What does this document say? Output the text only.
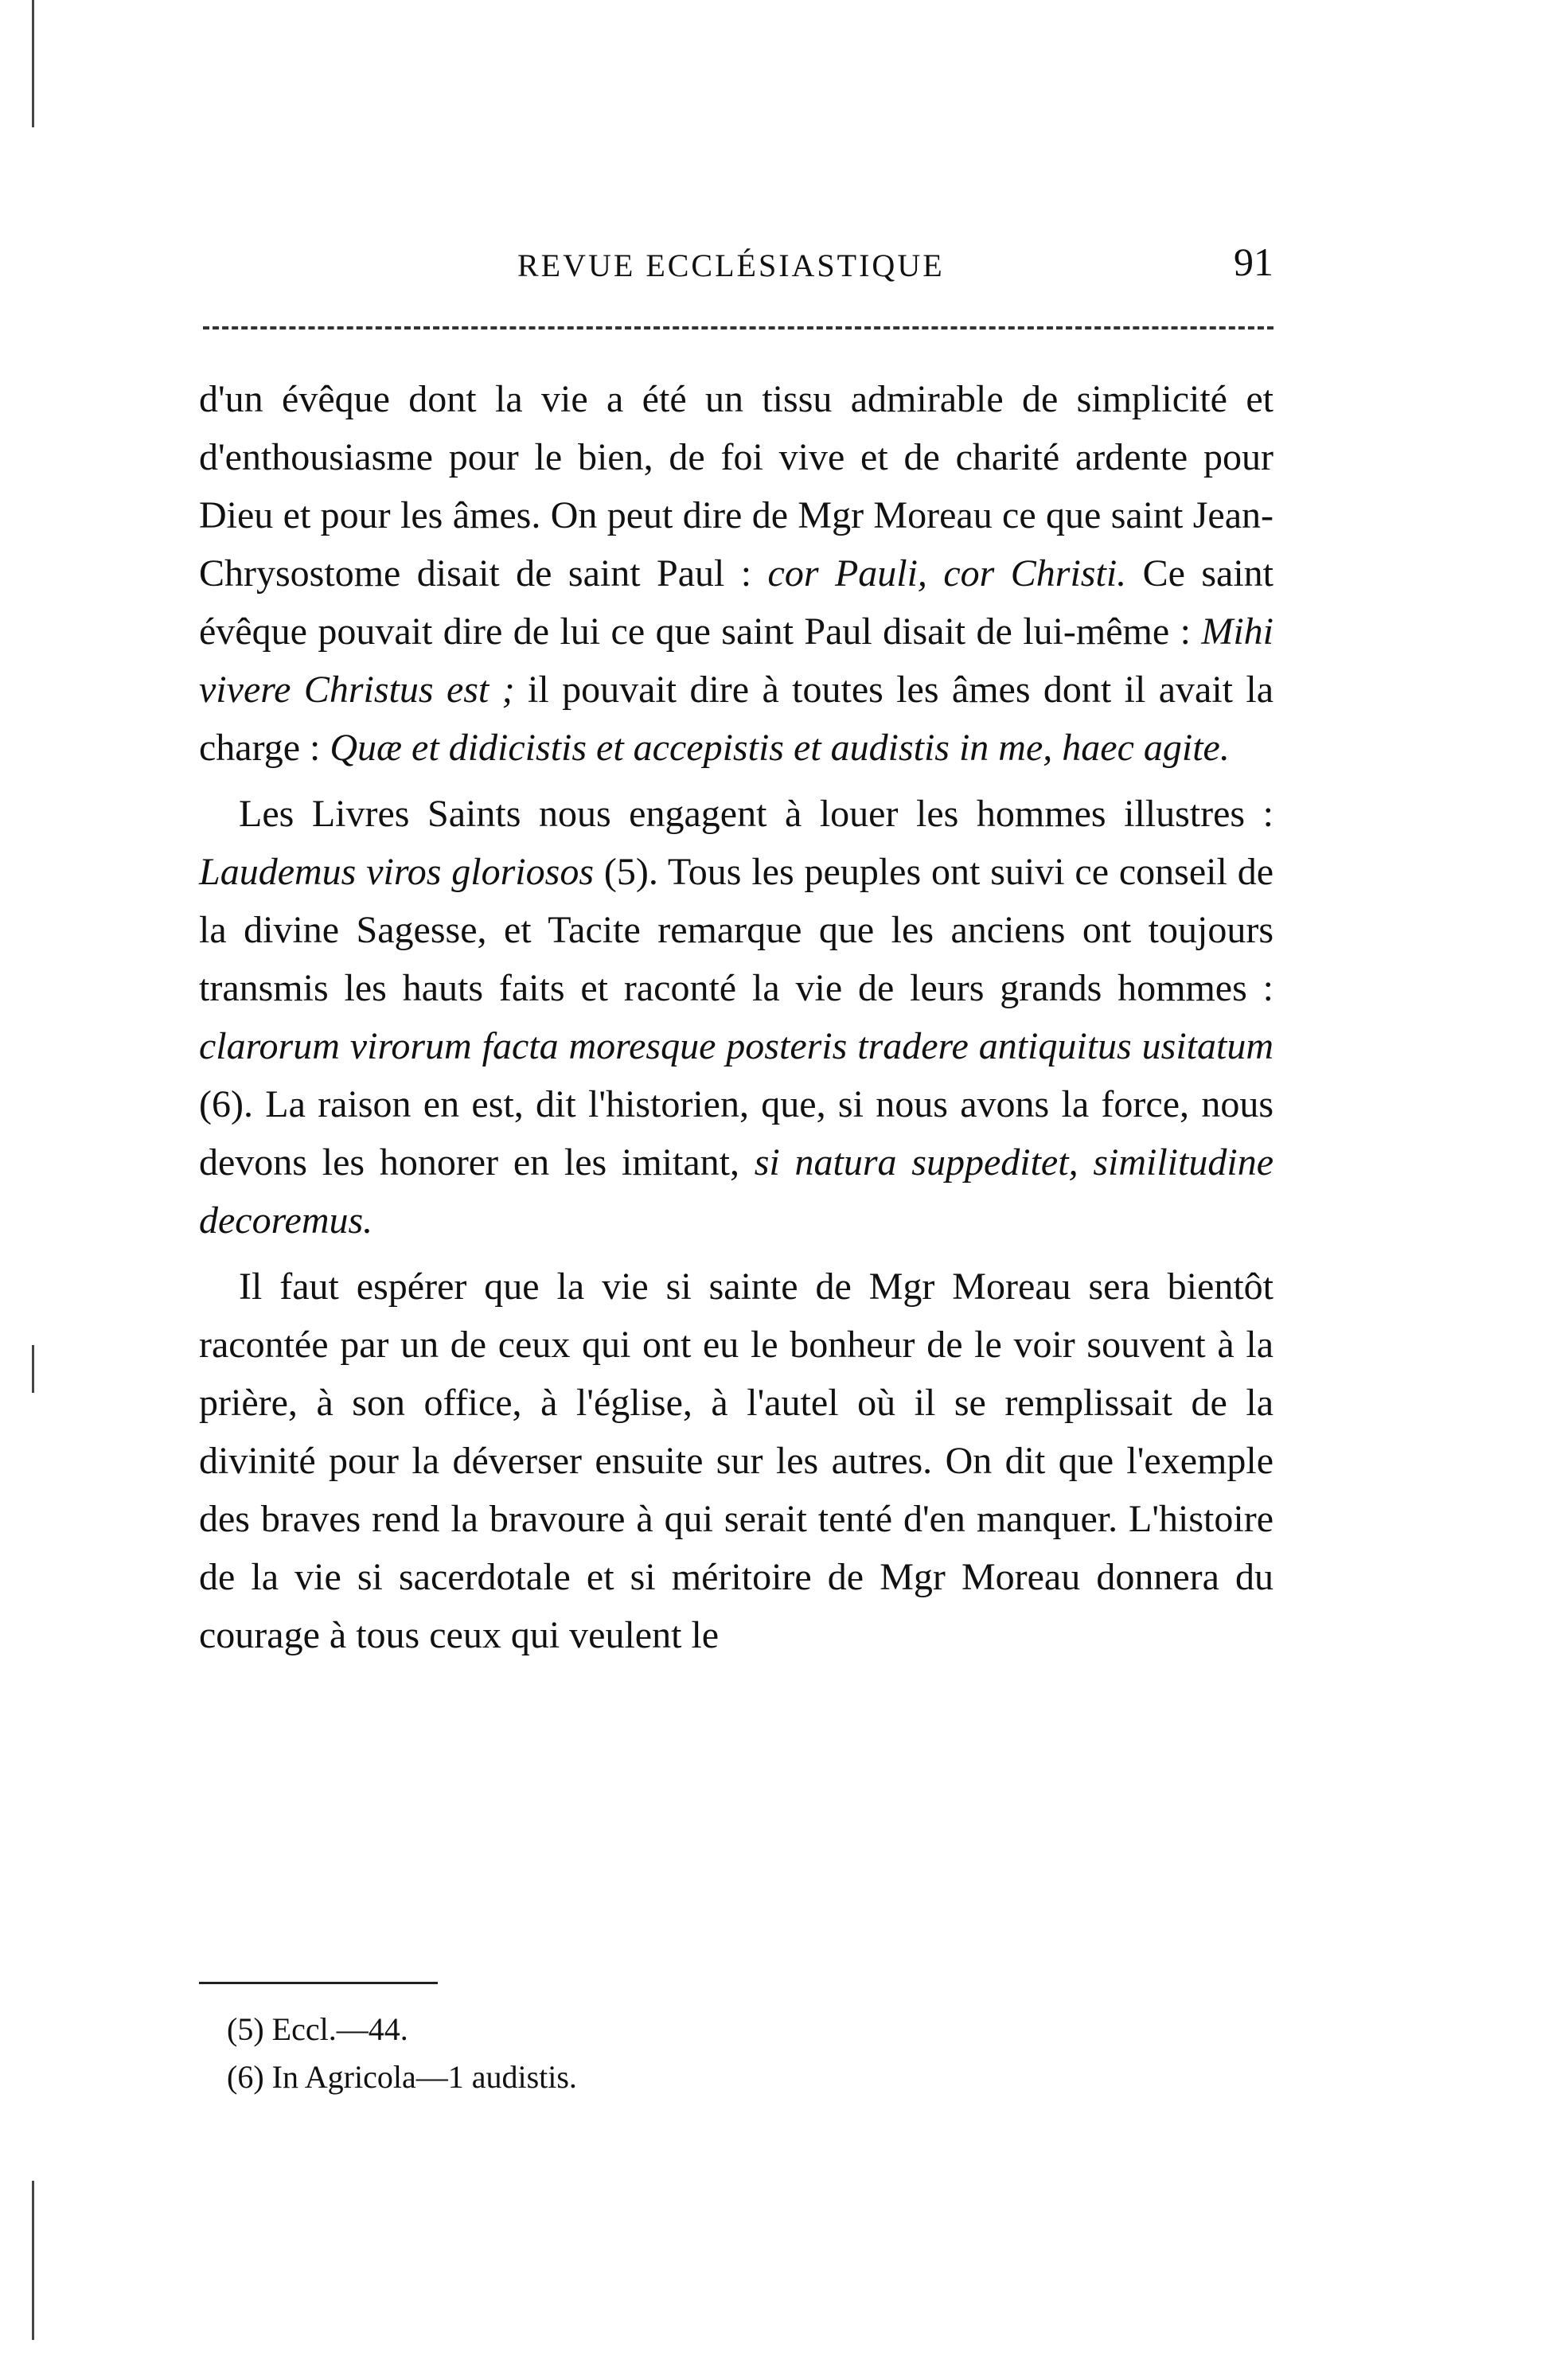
REVUE ECCLÉSIASTIQUE	91

d'un évêque dont la vie a été un tissu admirable de simplicité et d'enthousiasme pour le bien, de foi vive et de charité ardente pour Dieu et pour les âmes. On peut dire de Mgr Moreau ce que saint Jean-Chrysostome disait de saint Paul : cor Pauli, cor Christi. Ce saint évêque pouvait dire de lui ce que saint Paul disait de lui-même : Mihi vivere Christus est ; il pouvait dire à toutes les âmes dont il avait la charge : Quæ et didicistis et accepistis et audistis in me, haec agite.

Les Livres Saints nous engagent à louer les hommes illustres : Laudemus viros gloriosos (5). Tous les peuples ont suivi ce conseil de la divine Sagesse, et Tacite remarque que les anciens ont toujours transmis les hauts faits et raconté la vie de leurs grands hommes : clarorum virorum facta moresque posteris tradere antiquitus usitatum (6). La raison en est, dit l'historien, que, si nous avons la force, nous devons les honorer en les imitant, si natura suppeditet, similitudine decoremus.

Il faut espérer que la vie si sainte de Mgr Moreau sera bientôt racontée par un de ceux qui ont eu le bonheur de le voir souvent à la prière, à son office, à l'église, à l'autel où il se remplissait de la divinité pour la déverser ensuite sur les autres. On dit que l'exemple des braves rend la bravoure à qui serait tenté d'en manquer. L'histoire de la vie si sacerdotale et si méritoire de Mgr Moreau donnera du courage à tous ceux qui veulent le

(5) Eccl.—44.
(6) In Agricola—1 audistis.
